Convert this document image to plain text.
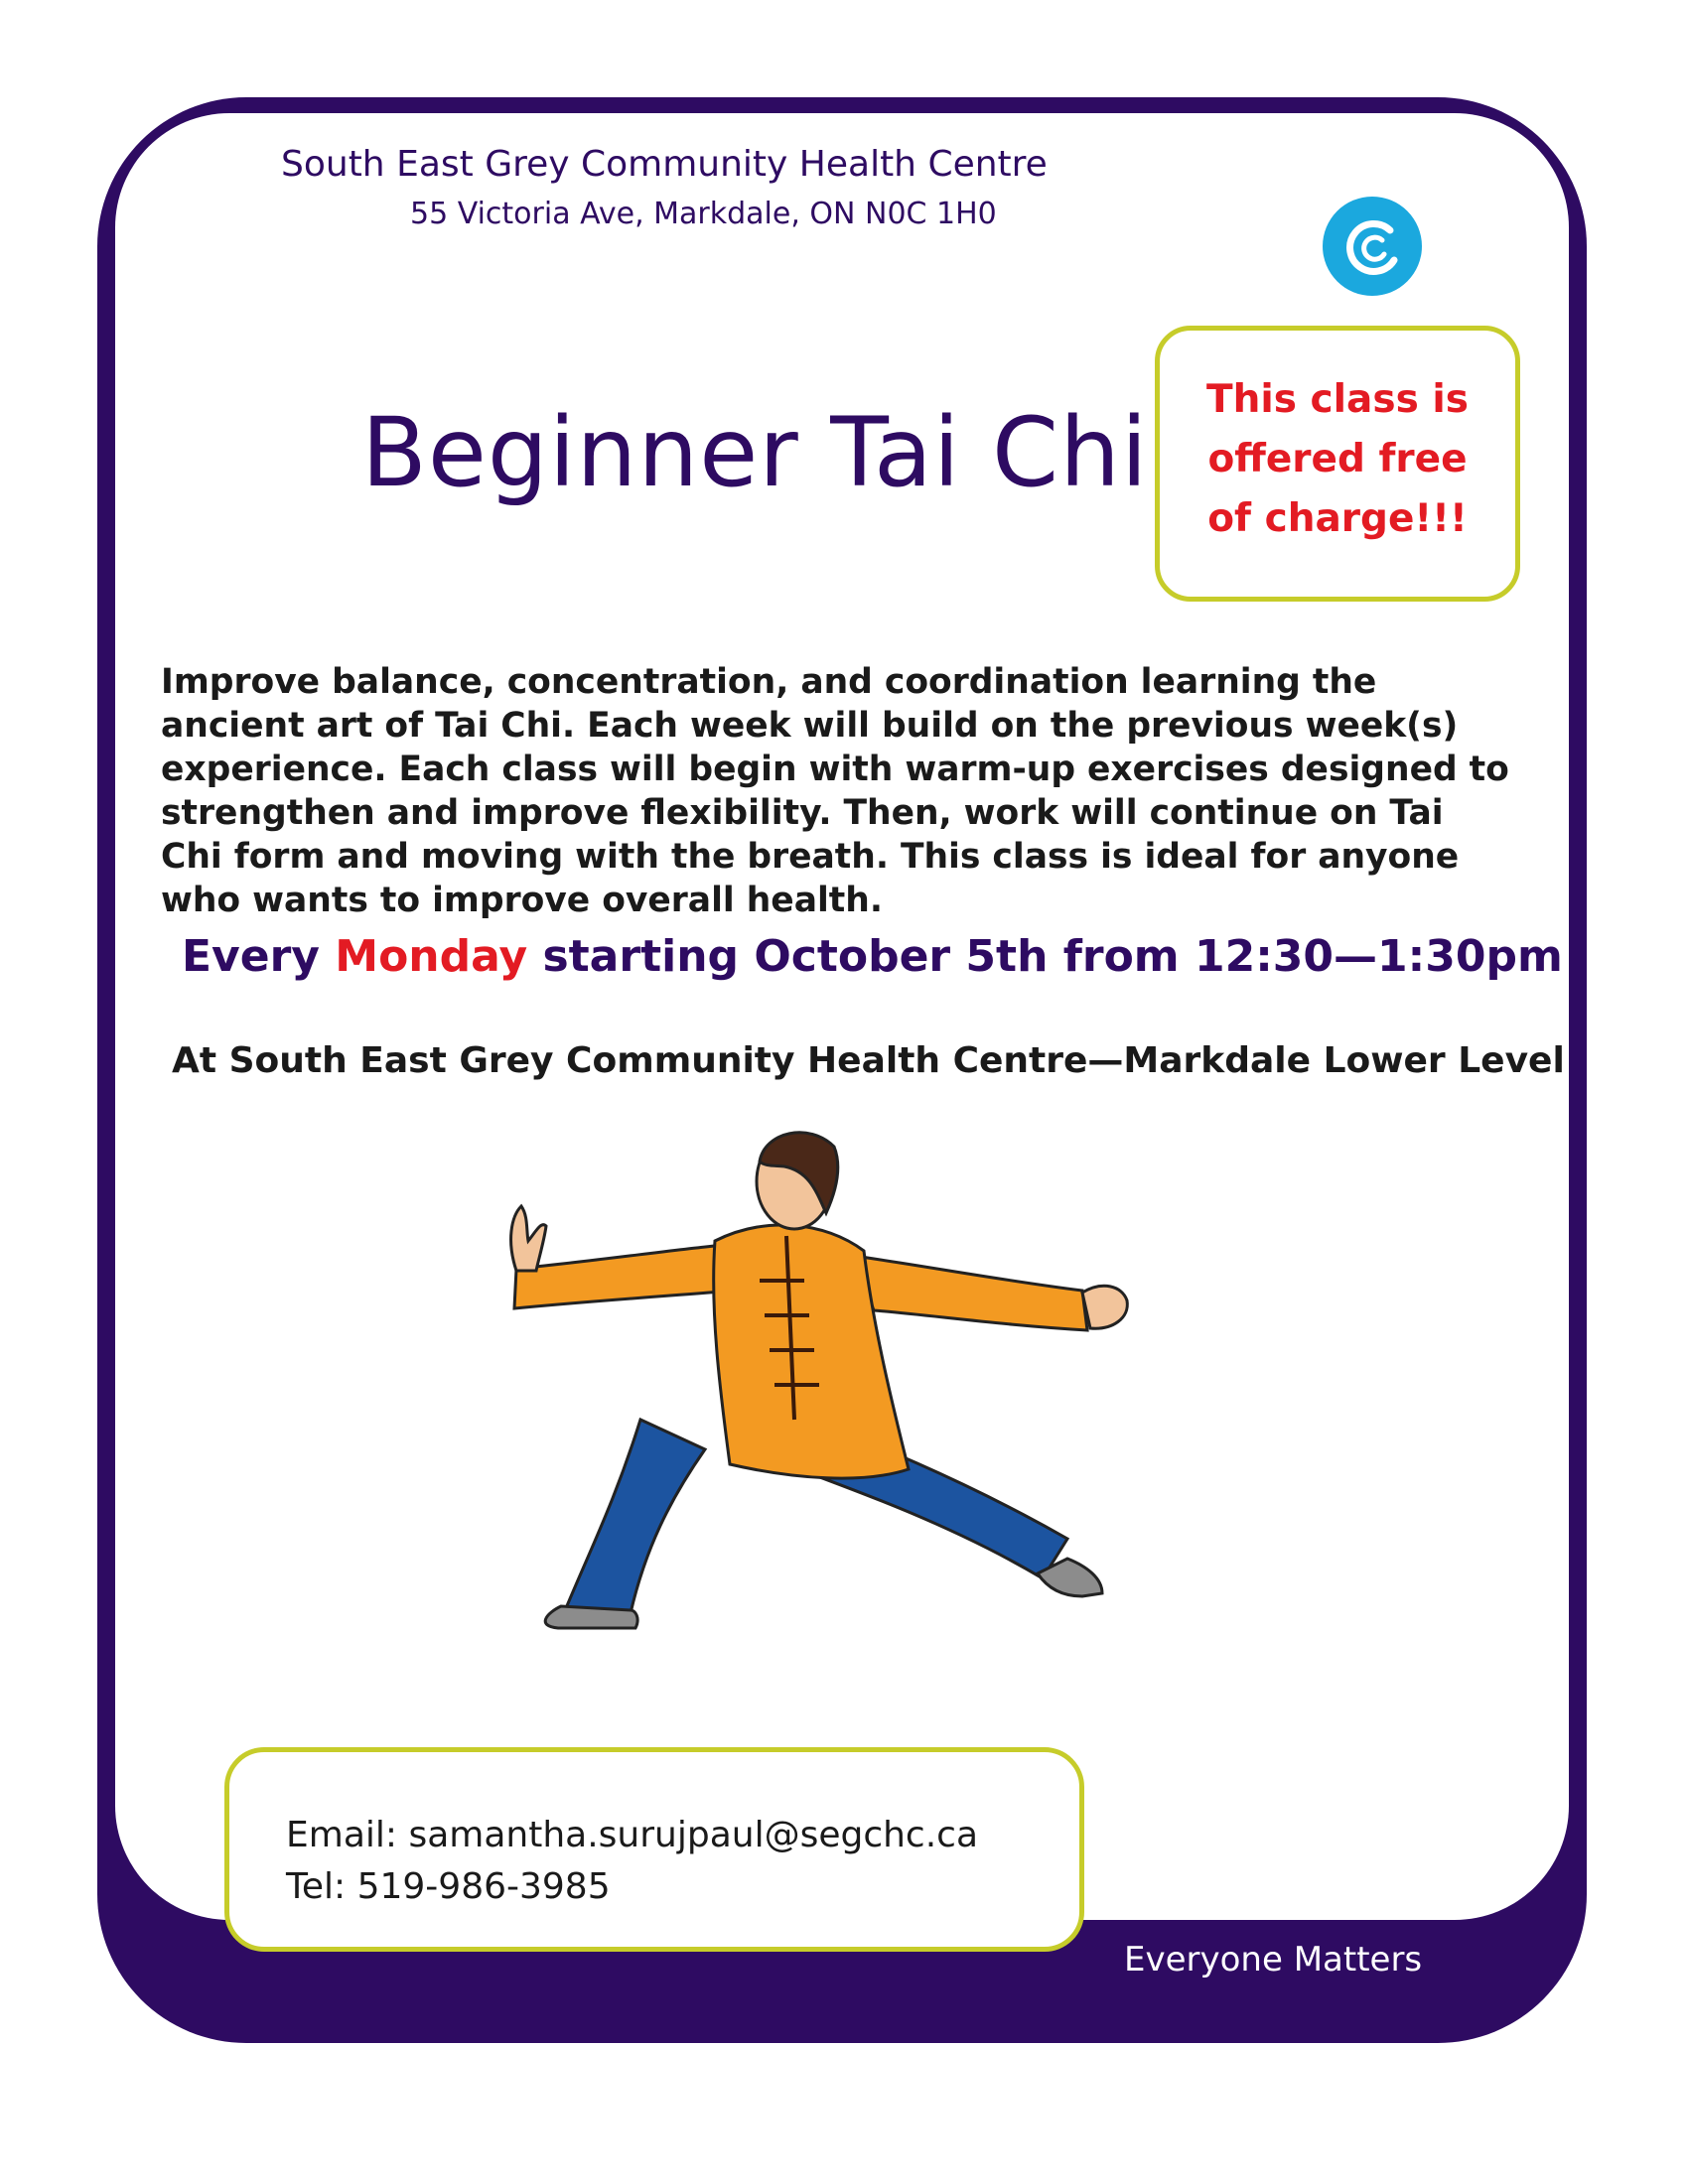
South East Grey Community Health Centre
55 Victoria Ave, Markdale, ON N0C 1H0
This class is offered free of charge!!!
Beginner Tai Chi
Improve balance, concentration, and coordination learning the ancient art of Tai Chi. Each week will build on the previous week(s) experience. Each class will begin with warm-up exercises designed to strengthen and improve flexibility. Then, work will continue on Tai Chi form and moving with the breath. This class is ideal for anyone who wants to improve overall health.
Every Monday starting October 5th from 12:30—1:30pm
At South East Grey Community Health Centre—Markdale Lower Level
Email: samantha.surujpaul@segchc.ca
Tel: 519-986-3985
Everyone Matters
